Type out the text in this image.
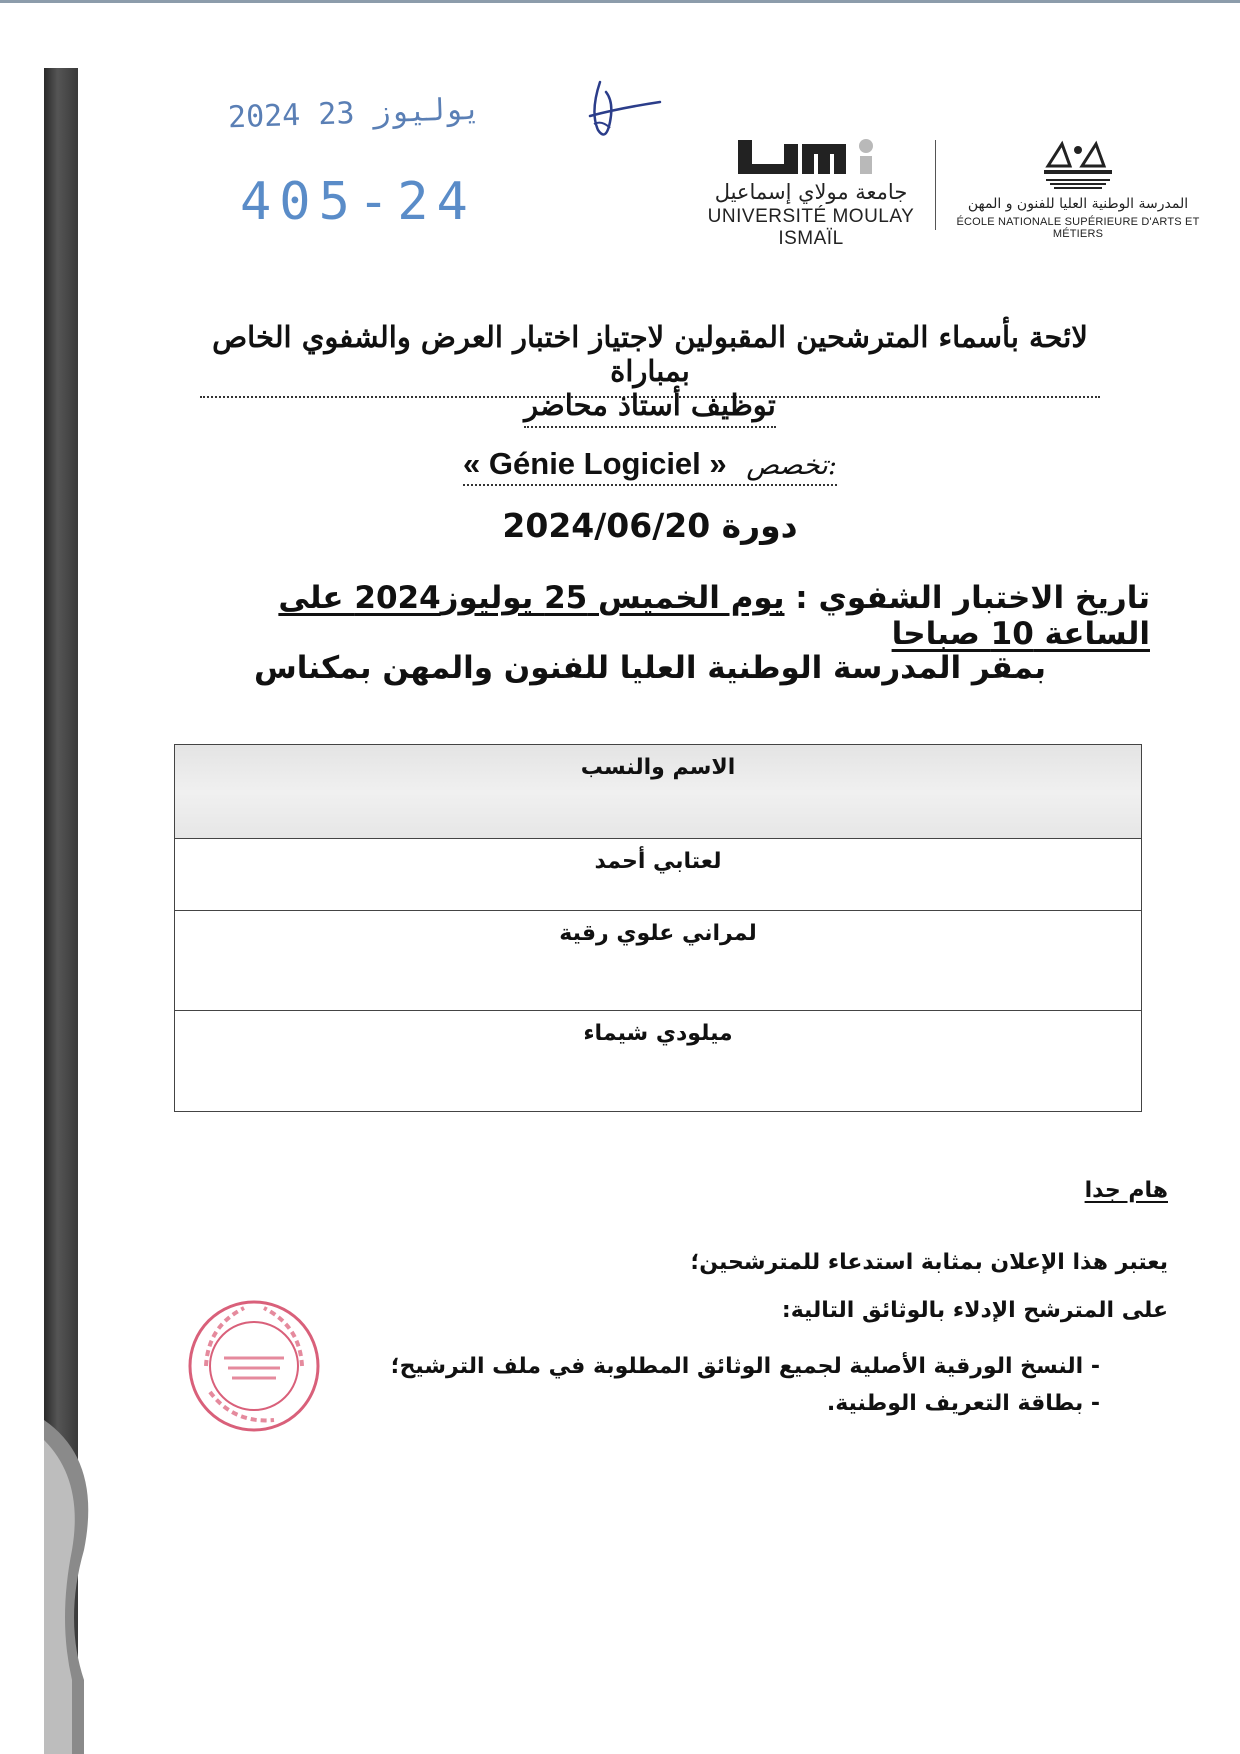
2024 يوليوز 23
405-24	جامعة مولاي إسماعيل
UNIVERSITÉ MOULAY ISMAÏL
المدرسة الوطنية العليا للفنون و المهن
ÉCOLE NATIONALE SUPÉRIEURE D'ARTS ET MÉTIERS
لائحة بأسماء المترشحين المقبولين لاجتياز اختبار العرض والشفوي الخاص بمباراة
توظيف أستاذ محاضر
« Génie Logiciel » تخصص:
دورة 2024/06/20
تاريخ الاختبار الشفوي : يوم الخميس 25 يوليوز2024 على الساعة 10 صباحا
بمقر المدرسة الوطنية العليا للفنون والمهن بمكناس
الاسم والنسب
لعتابي أحمد
لمراني علوي رقية
ميلودي شيماء
هام جدا
يعتبر هذا الإعلان بمثابة استدعاء للمترشحين؛
على المترشح الإدلاء بالوثائق التالية:
- النسخ الورقية الأصلية لجميع الوثائق المطلوبة في ملف الترشيح؛
- بطاقة التعريف الوطنية.
